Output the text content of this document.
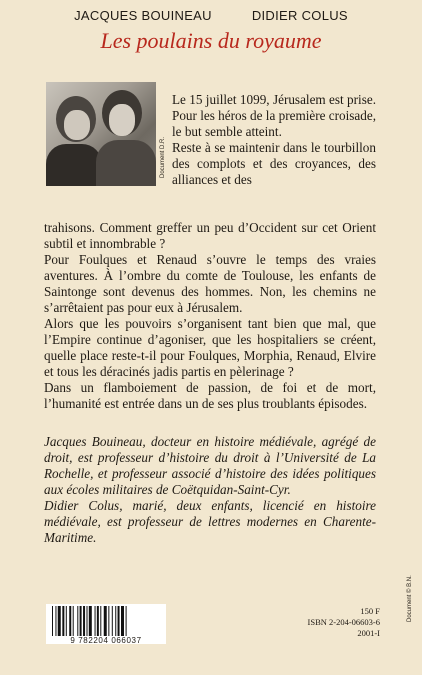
JACQUES BOUINEAU	DIDIER COLUS
Les poulains du royaume
Document D.R.

Le 15 juillet 1099, Jérusalem est prise. Pour les héros de la première croisade, le but semble atteint.

Reste à se maintenir dans le tourbillon des complots et des croyances, des alliances et des

trahisons. Comment greffer un peu d’Occident sur cet Orient subtil et innombrable ?

Pour Foulques et Renaud s’ouvre le temps des vraies aventures. À l’ombre du comte de Toulouse, les enfants de Saintonge sont devenus des hommes. Non, les chemins ne s’arrêtaient pas pour eux à Jérusalem.

Alors que les pouvoirs s’organisent tant bien que mal, que l’Empire continue d’agoniser, que les hospitaliers se créent, quelle place reste-t-il pour Foulques, Morphia, Renaud, Elvire et tous les déracinés jadis partis en pèlerinage ?

Dans un flamboiement de passion, de foi et de mort, l’humanité est entrée dans un de ses plus troublants épisodes.

Jacques Bouineau, docteur en histoire médiévale, agrégé de droit, est professeur d’histoire du droit à l’Université de La Rochelle, et professeur associé d’histoire des idées politiques aux écoles militaires de Coëtquidan-Saint-Cyr.

Didier Colus, marié, deux enfants, licencié en histoire médiévale, est professeur de lettres modernes en Charente-Maritime.

9 782204 066037
150 F
ISBN 2-204-06603-6
2001-I
Document © B.N.
